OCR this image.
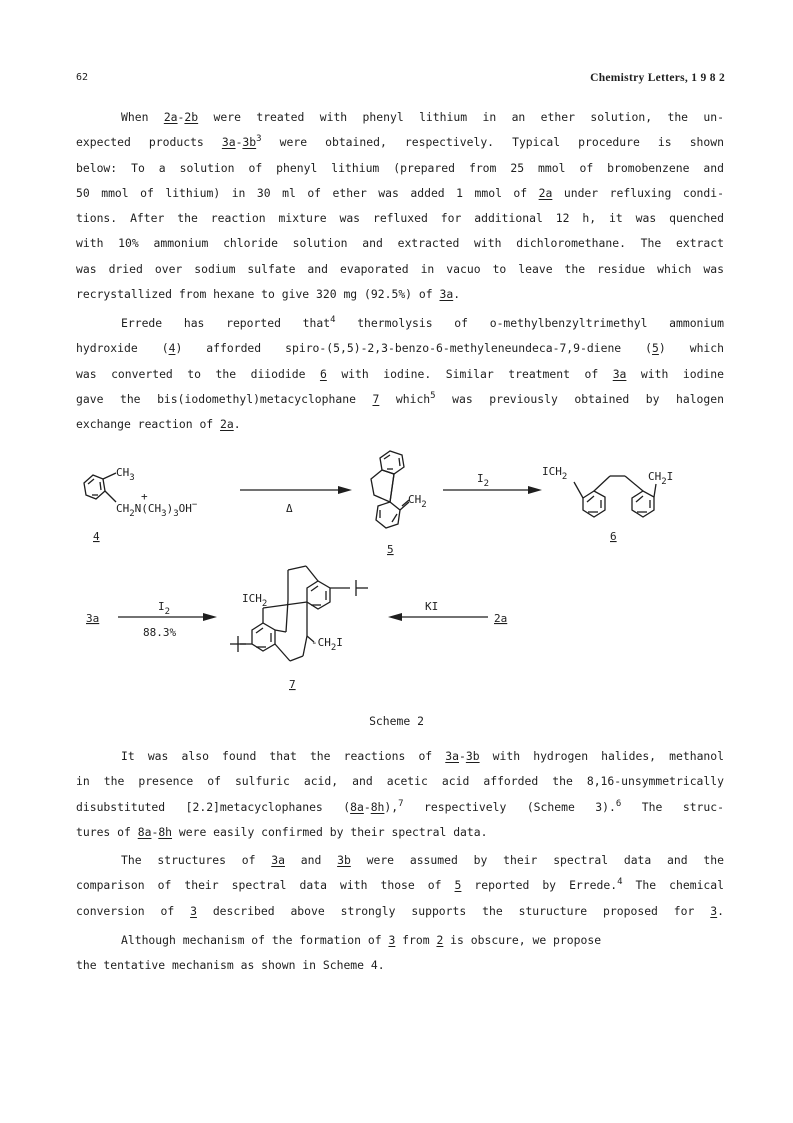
62	Chemistry Letters, 1 9 8 2
When 2a-2b were treated with phenyl lithium in an ether solution, the un-
expected products $3a-3b^3$ were obtained, respectively. Typical procedure is shown
below: To a solution of phenyl lithium (prepared from 25 mmol of bromobenzene and
50 mmol of lithium) in 30 ml of ether was added 1 mmol of 2a under refluxing condi-
tions. After the reaction mixture was refluxed for additional 12 h, it was quenched
with 10% ammonium chloride solution and extracted with dichloromethane. The extract
was dried over sodium sulfate and evaporated in vacuo to leave the residue which was
recrystallized from hexane to give 320 mg (92.5%) of 3a.
Errede has reported that$^4$ thermolysis of o-methylbenzyltrimethyl ammonium
hydroxide (4) afforded spiro-(5,5)-2,3-benzo-6-methyleneundeca-7,9-diene (5) which
was converted to the diiodide 6 with iodine. Similar treatment of 3a with iodine
gave the bis(iodomethyl)metacyclophane 7 which$^5$ was previously obtained by halogen
exchange reaction of 2a.
$CH_3$
+
$CH_2N(CH_3)_3OH^-$	Δ
4
$CH_2$
5
$I_2$
$ICH_2$	$CH_2I$
6
3a
$I_2$
88.3%
KI
2a
$ICH_2$
$-CH_2I$
7
Scheme 2
It was also found that the reactions of 3a-3b with hydrogen halides, methanol
in the presence of sulfuric acid, and acetic acid afforded the 8,16-unsymmetrically
disubstituted [2.2]metacyclophanes (8a-8h),$^7$ respectively (Scheme 3).$^6$ The struc-
tures of 8a-8h were easily confirmed by their spectral data.
The structures of 3a and 3b were assumed by their spectral data and the
comparison of their spectral data with those of 5 reported by Errede.$^4$ The chemical
conversion of 3 described above strongly supports the sturucture proposed for 3.
Although mechanism of the formation of 3 from 2 is obscure, we propose
the tentative mechanism as shown in Scheme 4.
